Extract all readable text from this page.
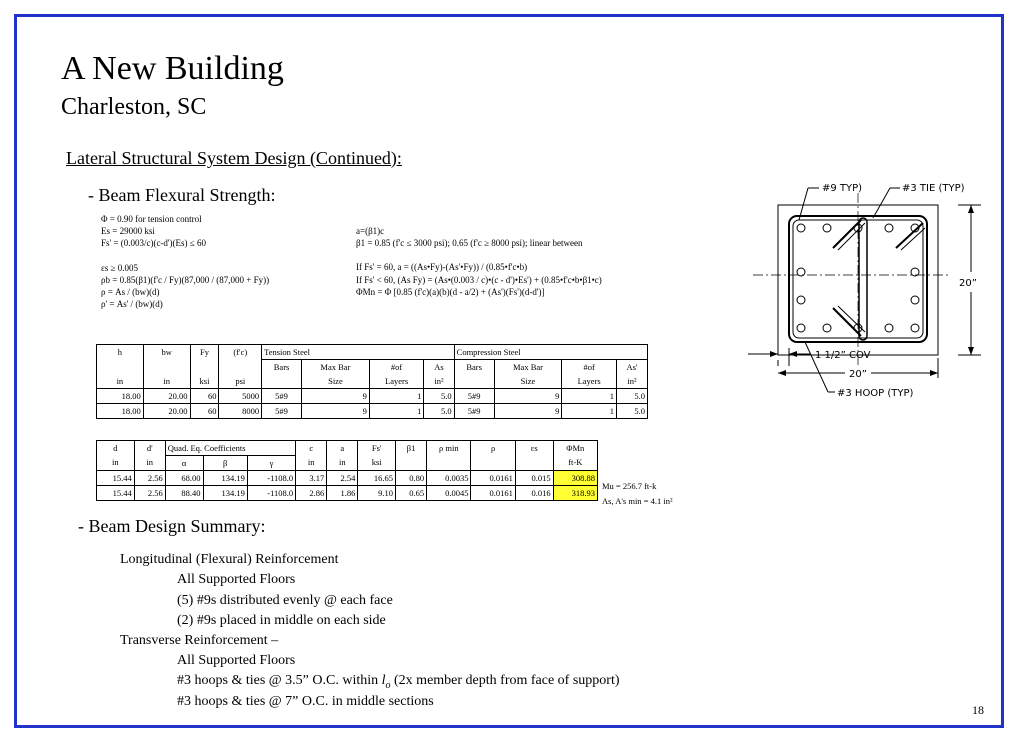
A New Building
Charleston, SC
Lateral Structural System Design (Continued):
- Beam Flexural Strength:
Φ = 0.90 for tension control
Es = 29000 ksi
Fs' = (0.003/c)(c-d')(Es) ≤ 60
εs ≥ 0.005
ρb = 0.85(β1)(f'c / Fy)(87,000 / (87,000 + Fy))
ρ = As / (bw)(d)
ρ' = As' / (bw)(d)
a=(β1)c
β1 = 0.85 (f'c ≤ 3000 psi); 0.65 (f'c ≥ 8000 psi); linear between
If Fs' = 60, a = ((As•Fy)-(As'•Fy)) / (0.85•f'c•b)
If Fs' < 60, (As Fy) = (As•(0.003 / c)•(c - d')•Es') + (0.85•f'c•b•β1•c)
ΦMn = Φ [0.85 (f'c)(a)(b)(d - a/2) + (As')(Fs')(d-d')]
h	bw	Fy	(f'c)	Tension Steel				Compression Steel			
				Bars	Max Bar	#of	As	Bars	Max Bar	#of	As'
in	in	ksi	psi		Size	Layers	in²		Size	Layers	in²
18.00	20.00	60	5000	5#9	9	1	5.0	5#9	9	1	5.0
18.00	20.00	60	8000	5#9	9	1	5.0	5#9	9	1	5.0
d	d'	Quad. Eq. Coefficients			c	a	Fs'	β1	ρ min	ρ	εs	ΦMn
in	in	α	β	γ	in	in	ksi					ft-K
15.44	2.56	68.00	134.19	-1108.0	3.17	2.54	16.65	0.80	0.0035	0.0161	0.015	308.88
15.44	2.56	88.40	134.19	-1108.0	2.86	1.86	9.10	0.65	0.0045	0.0161	0.016	318.93
Mu = 256.7 ft-k
As, A's min = 4.1 in²
- Beam Design Summary:
Longitudinal (Flexural) Reinforcement
All Supported Floors
(5) #9s distributed evenly @ each face
(2) #9s placed in middle on each side
Transverse Reinforcement –
All Supported Floors
#3 hoops & ties @ 3.5” O.C. within $l_o$ (2x member depth from face of support)
#3 hoops & ties @ 7” O.C. in middle sections
18
#9 TYP)	#3 TIE (TYP)
20”
1 1/2” COV
20”
#3 HOOP (TYP)
